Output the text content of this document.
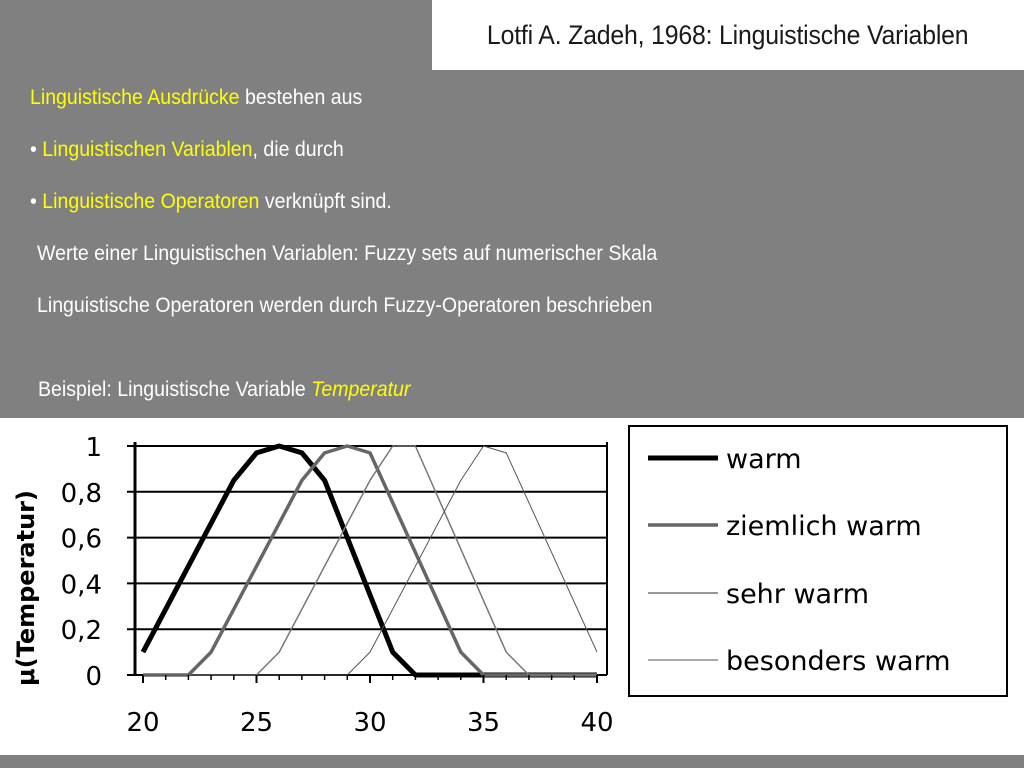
Lotfi A. Zadeh, 1968: Linguistische Variablen
Linguistische Ausdrücke bestehen aus
• Linguistischen Variablen, die durch
• Linguistische Operatoren verknüpft sind.
Werte einer Linguistischen Variablen: Fuzzy sets auf numerischer Skala
Linguistische Operatoren werden durch Fuzzy-Operatoren beschrieben
Beispiel: Linguistische Variable Temperatur
0
0,2
0,4
0,6
0,8
1
20	25	30	35	40
μ(Temperatur)
warm
ziemlich warm
sehr warm
besonders warm
